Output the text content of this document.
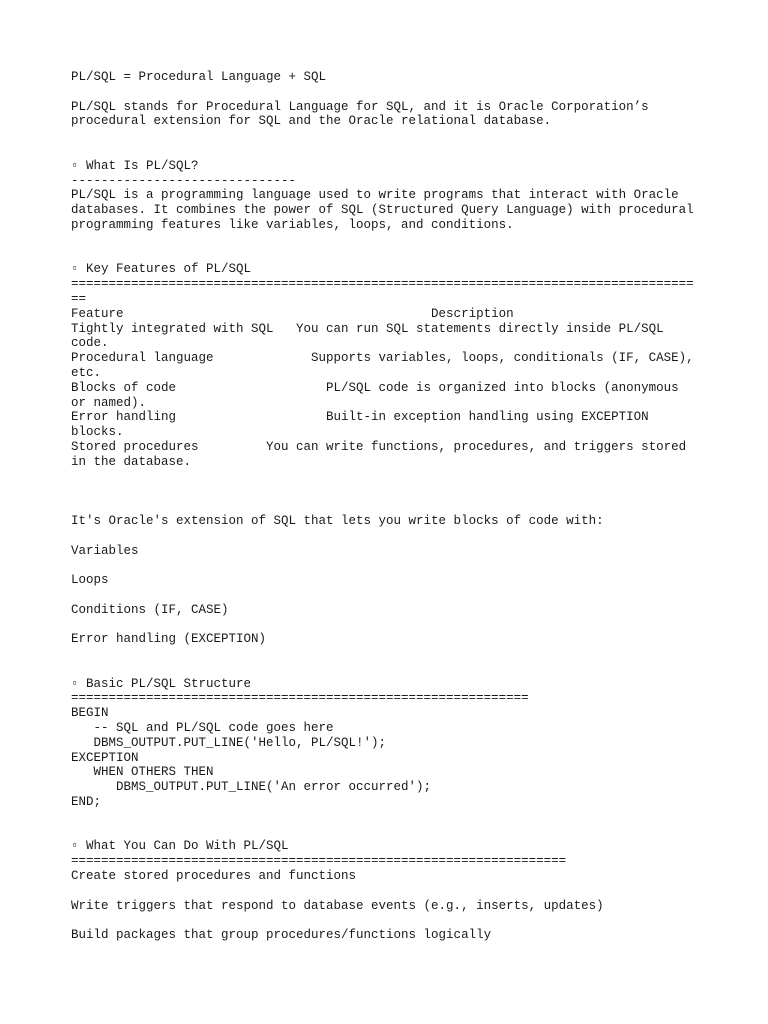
PL/SQL = Procedural Language + SQL
PL/SQL stands for Procedural Language for SQL, and it is Oracle Corporation’s
procedural extension for SQL and the Oracle relational database.
▫ What Is PL/SQL?
------------------------------
PL/SQL is a programming language used to write programs that interact with Oracle
databases. It combines the power of SQL (Structured Query Language) with procedural
programming features like variables, loops, and conditions.
▫ Key Features of PL/SQL
===================================================================================
==
Feature                                         Description
Tightly integrated with SQL   You can run SQL statements directly inside PL/SQL
code.
Procedural language             Supports variables, loops, conditionals (IF, CASE),
etc.
Blocks of code                    PL/SQL code is organized into blocks (anonymous
or named).
Error handling                    Built-in exception handling using EXCEPTION
blocks.
Stored procedures         You can write functions, procedures, and triggers stored
in the database.
It's Oracle's extension of SQL that lets you write blocks of code with:
Variables
Loops
Conditions (IF, CASE)
Error handling (EXCEPTION)
▫ Basic PL/SQL Structure
=============================================================
BEGIN
-- SQL and PL/SQL code goes here
DBMS_OUTPUT.PUT_LINE('Hello, PL/SQL!');
EXCEPTION
WHEN OTHERS THEN
DBMS_OUTPUT.PUT_LINE('An error occurred');
END;
▫ What You Can Do With PL/SQL
==================================================================
Create stored procedures and functions
Write triggers that respond to database events (e.g., inserts, updates)
Build packages that group procedures/functions logically
